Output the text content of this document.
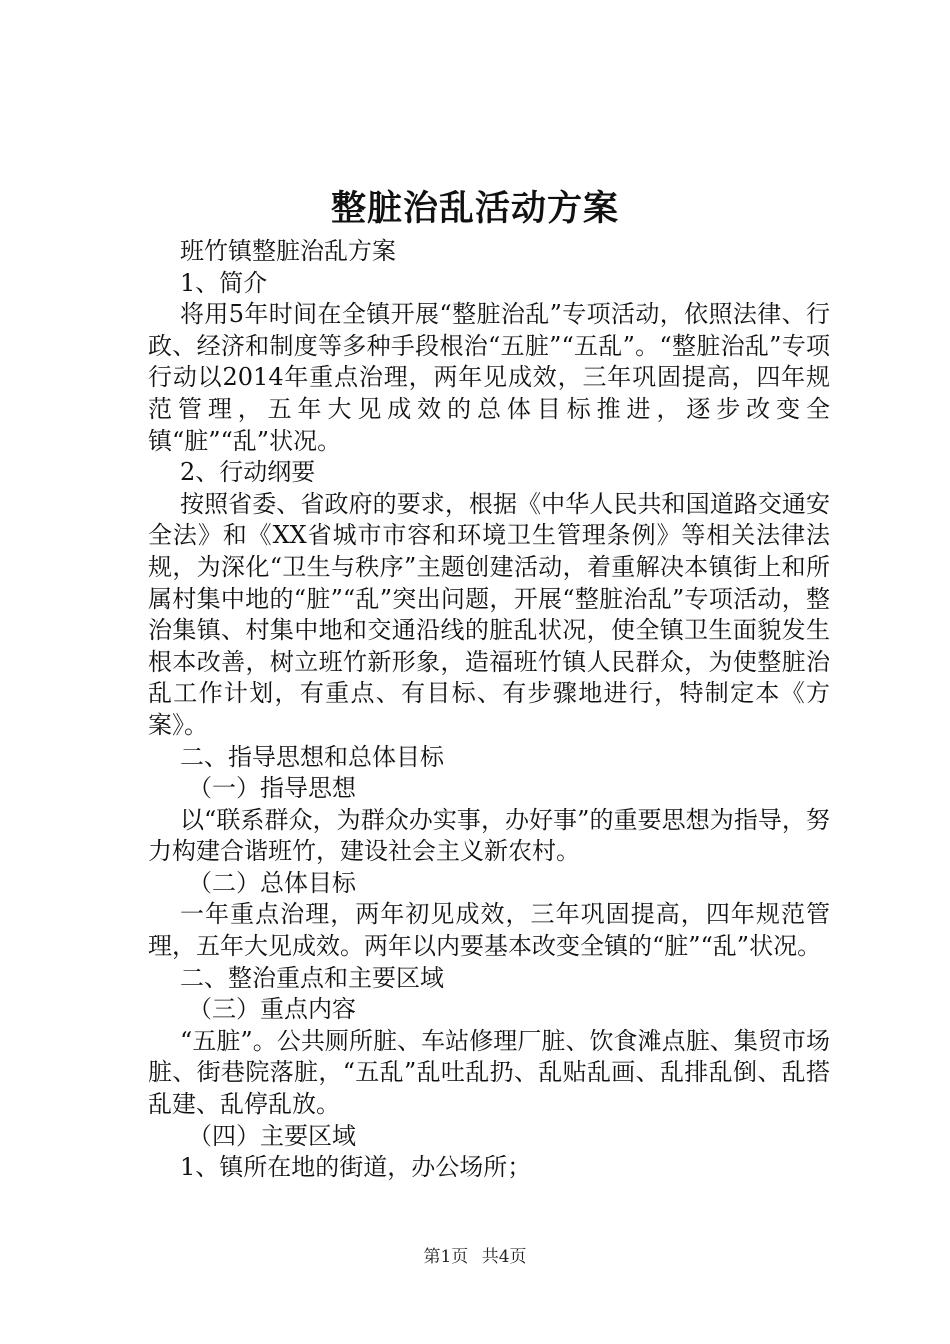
整脏治乱活动方案

班竹镇整脏治乱方案

1、简介

将用5年时间在全镇开展“整脏治乱”专项活动，依照法律、行政、经济和制度等多种手段根治“五脏”“五乱”。“整脏治乱”专项行动以2014年重点治理，两年见成效，三年巩固提高，四年规范管理，五年大见成效的总体目标推进，逐步改变全镇“脏”“乱”状况。

2、行动纲要

按照省委、省政府的要求，根据《中华人民共和国道路交通安全法》和《XX省城市市容和环境卫生管理条例》等相关法律法规，为深化“卫生与秩序”主题创建活动，着重解决本镇街上和所属村集中地的“脏”“乱”突出问题，开展“整脏治乱”专项活动，整治集镇、村集中地和交通沿线的脏乱状况，使全镇卫生面貌发生根本改善，树立班竹新形象，造福班竹镇人民群众，为使整脏治乱工作计划，有重点、有目标、有步骤地进行，特制定本《方案》。

二、指导思想和总体目标

（一）指导思想

以“联系群众，为群众办实事，办好事”的重要思想为指导，努力构建合谐班竹，建设社会主义新农村。

（二）总体目标

一年重点治理，两年初见成效，三年巩固提高，四年规范管理，五年大见成效。两年以内要基本改变全镇的“脏”“乱”状况。

二、整治重点和主要区域

（三）重点内容

“五脏”。公共厕所脏、车站修理厂脏、饮食滩点脏、集贸市场脏、街巷院落脏，“五乱”乱吐乱扔、乱贴乱画、乱排乱倒、乱搭乱建、乱停乱放。

（四）主要区域

1、镇所在地的街道，办公场所；

第1页 共4页
